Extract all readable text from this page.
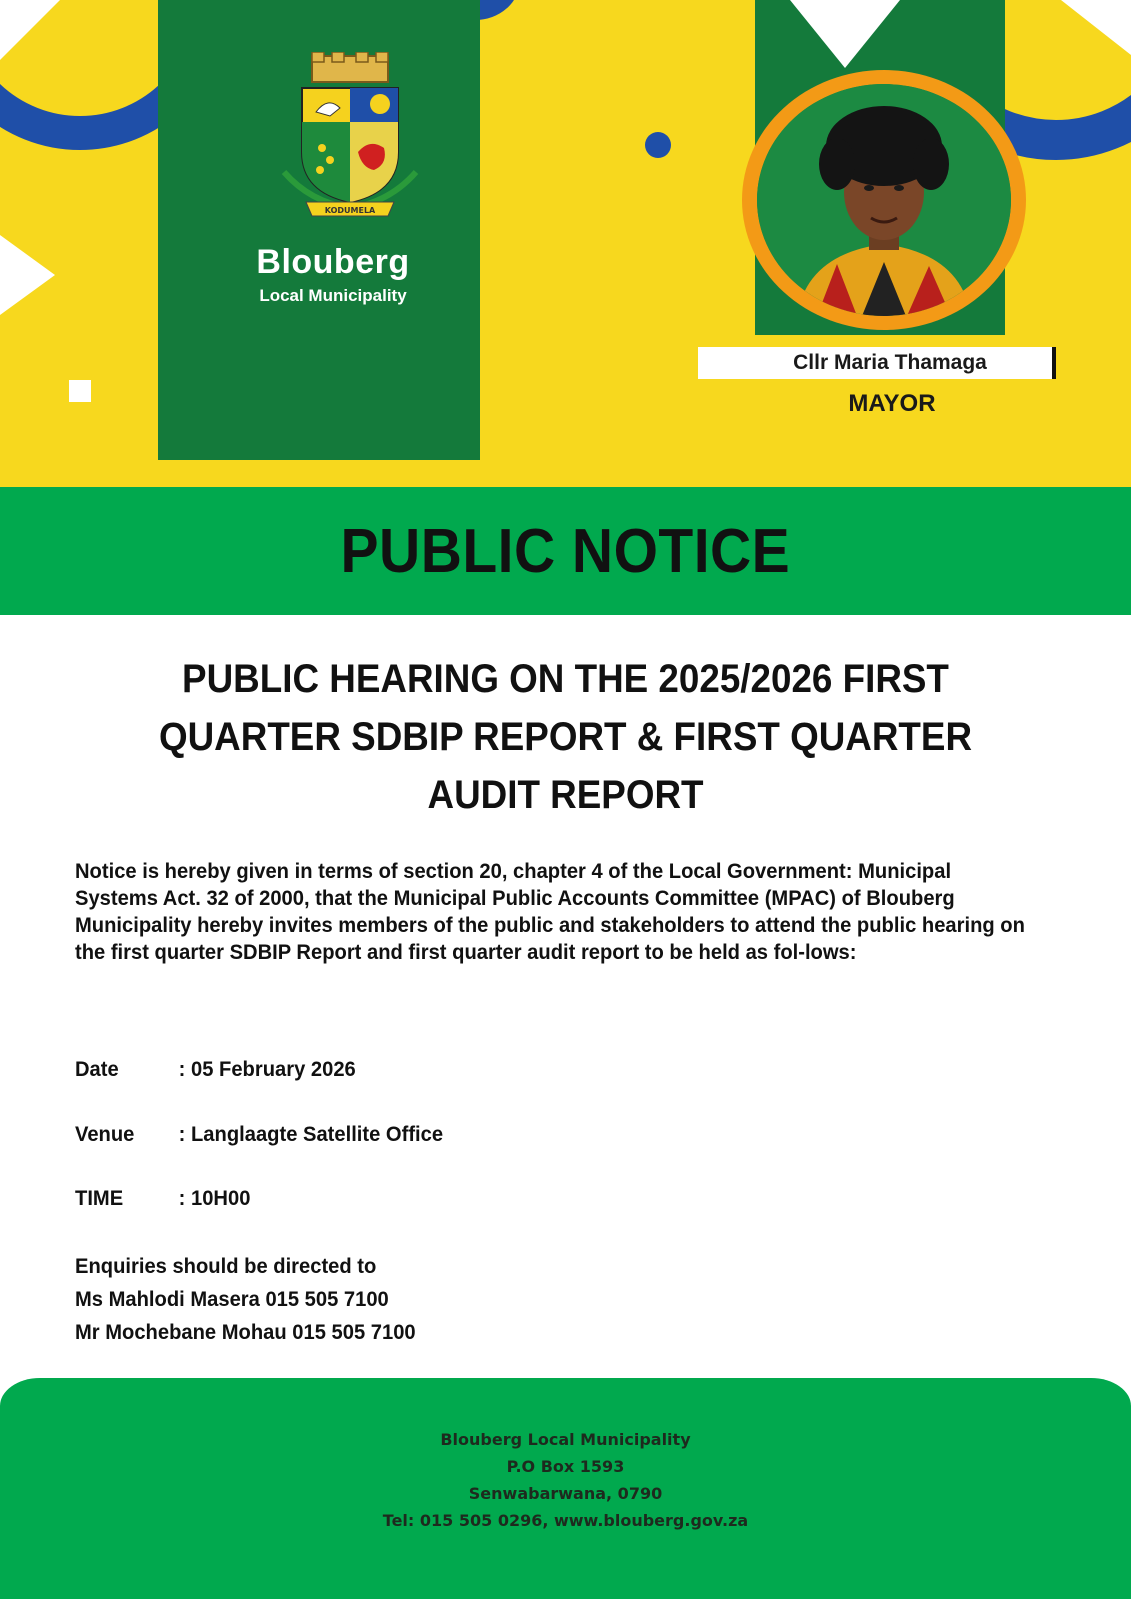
KODUMELA
Blouberg
Local Municipality
Cllr Maria Thamaga
MAYOR
PUBLIC NOTICE
PUBLIC HEARING ON THE 2025/2026 FIRST
QUARTER SDBIP REPORT & FIRST QUARTER
AUDIT REPORT
Notice is hereby given in terms of section 20, chapter 4 of the Local Government: Municipal Systems Act. 32 of 2000, that the Municipal Public Accounts Committee (MPAC) of Blouberg Municipality hereby invites members of the public and stakeholders to attend the public hearing on the first quarter SDBIP Report and first quarter audit report to be held as fol-lows:
Date	: 05 February 2026
Venue : Langlaagte Satellite Office
TIME	: 10H00
Enquiries should be directed to
Ms Mahlodi Masera 015 505 7100
Mr Mochebane Mohau 015 505 7100
Blouberg Local Municipality
P.O Box 1593
Senwabarwana, 0790
Tel: 015 505 0296, www.blouberg.gov.za
